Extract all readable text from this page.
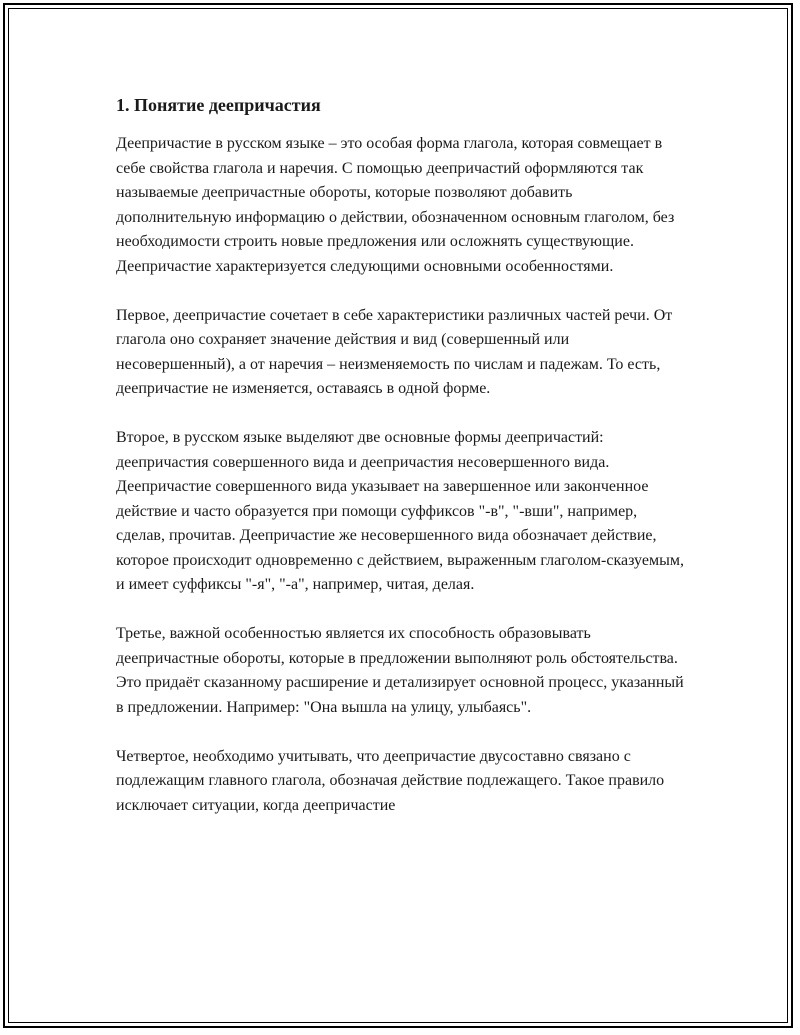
1. Понятие деепричастия

Деепричастие в русском языке – это особая форма глагола, которая совмещает в себе свойства глагола и наречия. С помощью деепричастий оформляются так называемые деепричастные обороты, которые позволяют добавить дополнительную информацию о действии, обозначенном основным глаголом, без необходимости строить новые предложения или осложнять существующие. Деепричастие характеризуется следующими основными особенностями.

Первое, деепричастие сочетает в себе характеристики различных частей речи. От глагола оно сохраняет значение действия и вид (совершенный или несовершенный), а от наречия – неизменяемость по числам и падежам. То есть, деепричастие не изменяется, оставаясь в одной форме.

Второе, в русском языке выделяют две основные формы деепричастий: деепричастия совершенного вида и деепричастия несовершенного вида. Деепричастие совершенного вида указывает на завершенное или законченное действие и часто образуется при помощи суффиксов "-в", "-вши", например, сделав, прочитав. Деепричастие же несовершенного вида обозначает действие, которое происходит одновременно с действием, выраженным глаголом-сказуемым, и имеет суффиксы "-я", "-а", например, читая, делая.

Третье, важной особенностью является их способность образовывать деепричастные обороты, которые в предложении выполняют роль обстоятельства. Это придаёт сказанному расширение и детализирует основной процесс, указанный в предложении. Например: "Она вышла на улицу, улыбаясь".

Четвертое, необходимо учитывать, что деепричастие двусоставно связано с подлежащим главного глагола, обозначая действие подлежащего. Такое правило исключает ситуации, когда деепричастие
